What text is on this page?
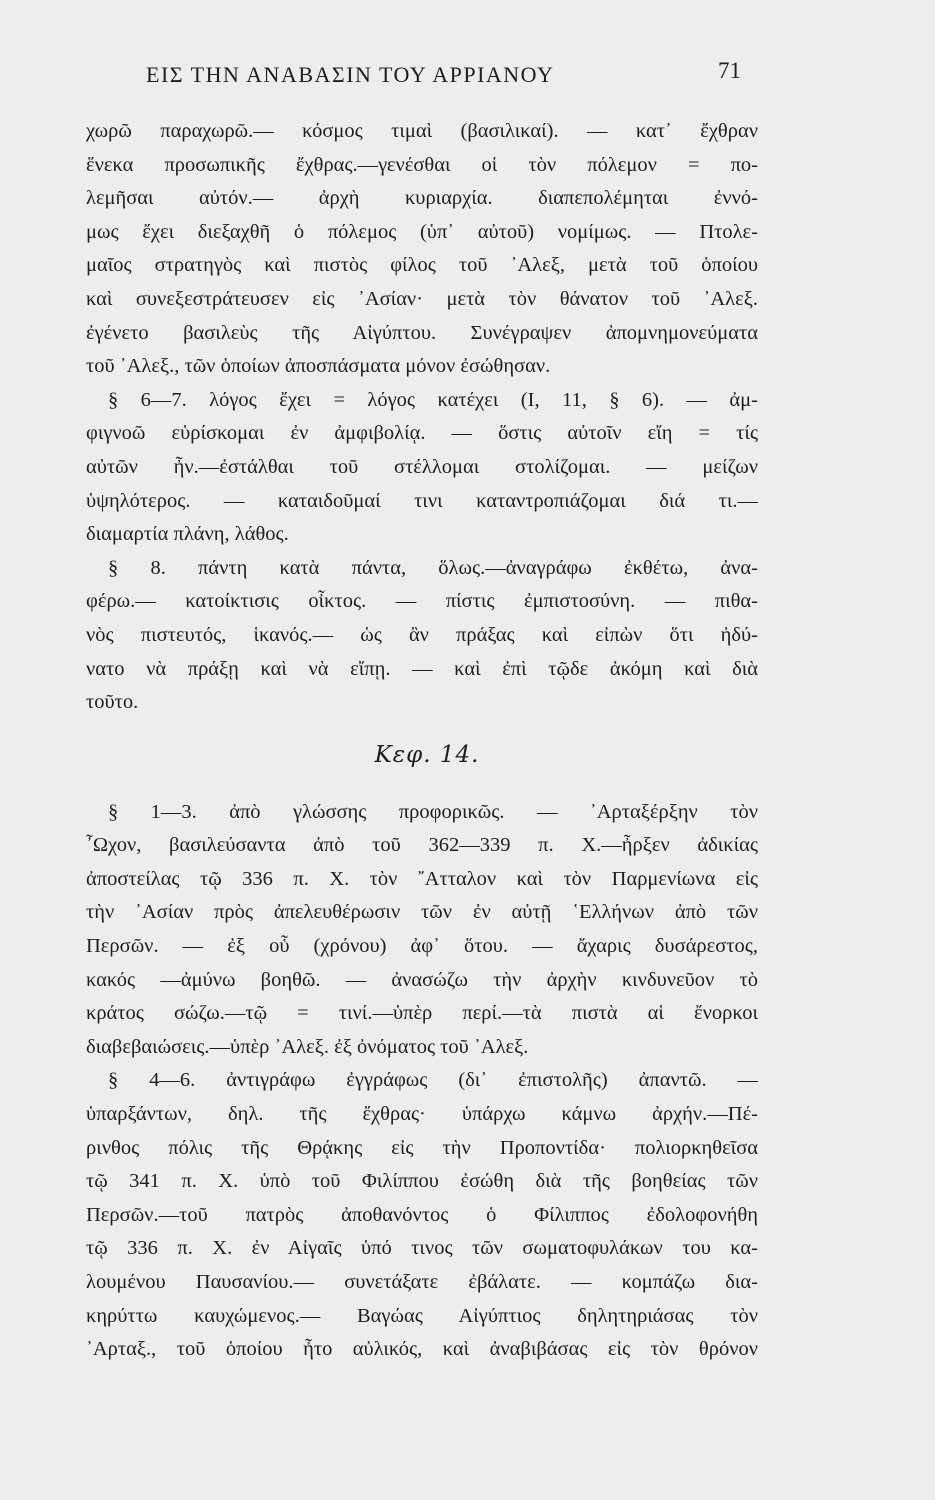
ΕΙΣ ΤΗΝ ΑΝΑΒΑΣΙΝ ΤΟΥ ΑΡΡΙΑΝΟΥ	71
χωρῶ παραχωρῶ.— κόσμος τιμαὶ (βασιλικαί). — κατ᾽ ἔχθραν
ἕνεκα προσωπικῆς ἔχθρας.—γενέσθαι οἱ τὸν πόλεμον = πο-
λεμῆσαι αὐτόν.— ἀρχὴ κυριαρχία. διαπεπολέμηται ἐννό-
μως ἔχει διεξαχθῆ ὁ πόλεμος (ὑπ᾽ αὐτοῦ) νομίμως. — Πτολε-
μαῖος στρατηγὸς καὶ πιστὸς φίλος τοῦ ᾽Αλεξ, μετὰ τοῦ ὁποίου
καὶ συνεξεστράτευσεν εἰς ᾽Ασίαν· μετὰ τὸν θάνατον τοῦ ᾽Αλεξ.
ἐγένετο βασιλεὺς τῆς Αἰγύπτου. Συνέγραψεν ἀπομνημονεύματα
τοῦ ᾽Αλεξ., τῶν ὁποίων ἀποσπάσματα μόνον ἐσώθησαν.
§ 6—7. λόγος ἔχει = λόγος κατέχει (I, 11, § 6). — ἀμ-
φιγνοῶ εὑρίσκομαι ἐν ἀμφιβολίᾳ. — ὅστις αὐτοῖν εἴη = τίς
αὐτῶν ἦν.—ἐστάλθαι τοῦ στέλλομαι στολίζομαι. — μείζων
ὑψηλότερος. — καταιδοῦμαί τινι καταντροπιάζομαι διά τι.—
διαμαρτία πλάνη, λάθος.
§ 8. πάντη κατὰ πάντα, ὅλως.—ἀναγράφω ἐκθέτω, ἀνα-
φέρω.— κατοίκτισις οἶκτος. — πίστις ἐμπιστοσύνη. — πιθα-
νὸς πιστευτός, ἱκανός.— ὡς ἂν πράξας καὶ εἰπὼν ὅτι ἠδύ-
νατο νὰ πράξῃ καὶ νὰ εἴπῃ. — καὶ ἐπὶ τῷδε ἀκόμη καὶ διὰ
τοῦτο.
Κεφ. 14.
§ 1—3. ἀπὸ γλώσσης προφορικῶς. — ᾽Αρταξέρξην τὸν
῏Ωχον, βασιλεύσαντα ἀπὸ τοῦ 362—339 π. Χ.—ἦρξεν ἀδικίας
ἀποστείλας τῷ 336 π. Χ. τὸν ῎Ατταλον καὶ τὸν Παρμενίωνα εἰς
τὴν ᾽Ασίαν πρὸς ἀπελευθέρωσιν τῶν ἐν αὐτῇ ῾Ελλήνων ἀπὸ τῶν
Περσῶν. — ἐξ οὗ (χρόνου) ἀφ᾽ ὅτου. — ἄχαρις δυσάρεστος,
κακός —ἀμύνω βοηθῶ. — ἀνασώζω τὴν ἀρχὴν κινδυνεῦον τὸ
κράτος σώζω.—τῷ = τινί.—ὑπὲρ περί.—τὰ πιστὰ αἱ ἔνορκοι
διαβεβαιώσεις.—ὑπὲρ ᾽Αλεξ. ἐξ ὀνόματος τοῦ ᾽Αλεξ.
§ 4—6. ἀντιγράφω ἐγγράφως (δι᾽ ἐπιστολῆς) ἀπαντῶ. —
ὑπαρξάντων, δηλ. τῆς ἔχθρας· ὑπάρχω κάμνω ἀρχήν.—Πέ-
ρινθος πόλις τῆς Θρᾴκης εἰς τὴν Προποντίδα· πολιορκηθεῖσα
τῷ 341 π. Χ. ὑπὸ τοῦ Φιλίππου ἐσώθη διὰ τῆς βοηθείας τῶν
Περσῶν.—τοῦ πατρὸς ἀποθανόντος ὁ Φίλιππος ἐδολοφονήθη
τῷ 336 π. Χ. ἐν Αἰγαῖς ὑπό τινος τῶν σωματοφυλάκων του κα-
λουμένου Παυσανίου.— συνετάξατε ἐβάλατε. — κομπάζω δια-
κηρύττω καυχώμενος.— Βαγώας Αἰγύπτιος δηλητηριάσας τὸν
᾽Αρταξ., τοῦ ὁποίου ἦτο αὐλικός, καὶ ἀναβιβάσας εἰς τὸν θρόνον
